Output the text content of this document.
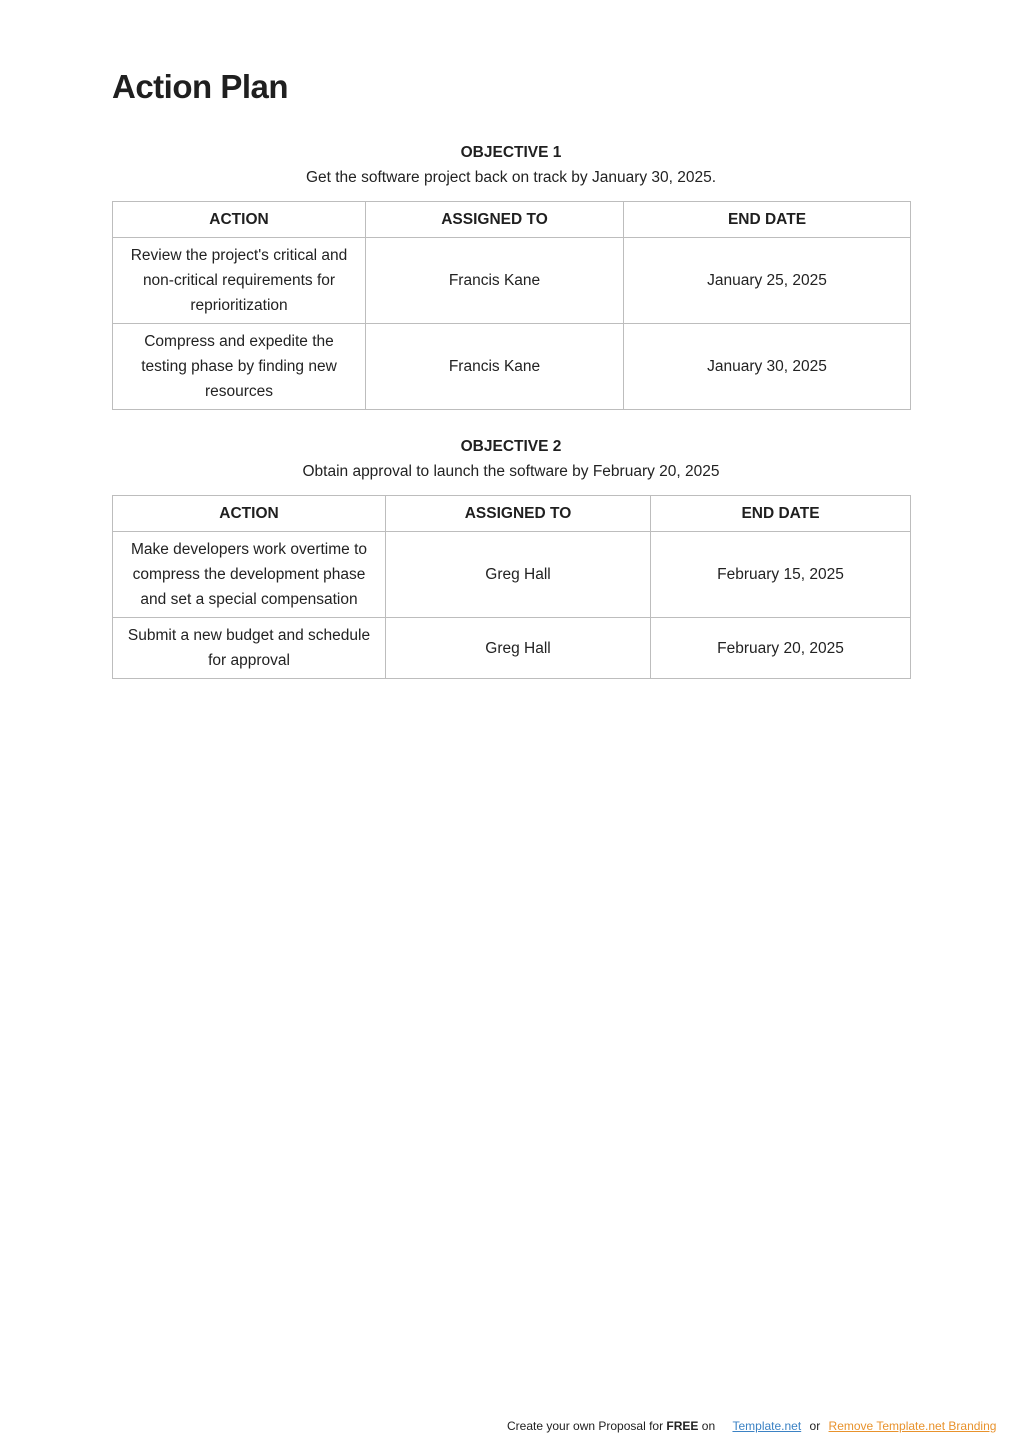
Action Plan
OBJECTIVE 1
Get the software project back on track by January 30, 2025.
ACTION	ASSIGNED TO	END DATE
Review the project's critical and non-critical requirements for reprioritization	Francis Kane	January 25, 2025
Compress and expedite the testing phase by finding new resources	Francis Kane	January 30, 2025
OBJECTIVE 2
Obtain approval to launch the software by February 20, 2025
ACTION	ASSIGNED TO	END DATE
Make developers work overtime to compress the development phase and set a special compensation	Greg Hall	February 15, 2025
Submit a new budget and schedule for approval	Greg Hall	February 20, 2025
Create your own Proposal for FREE on Template.net or Remove Template.net Branding
